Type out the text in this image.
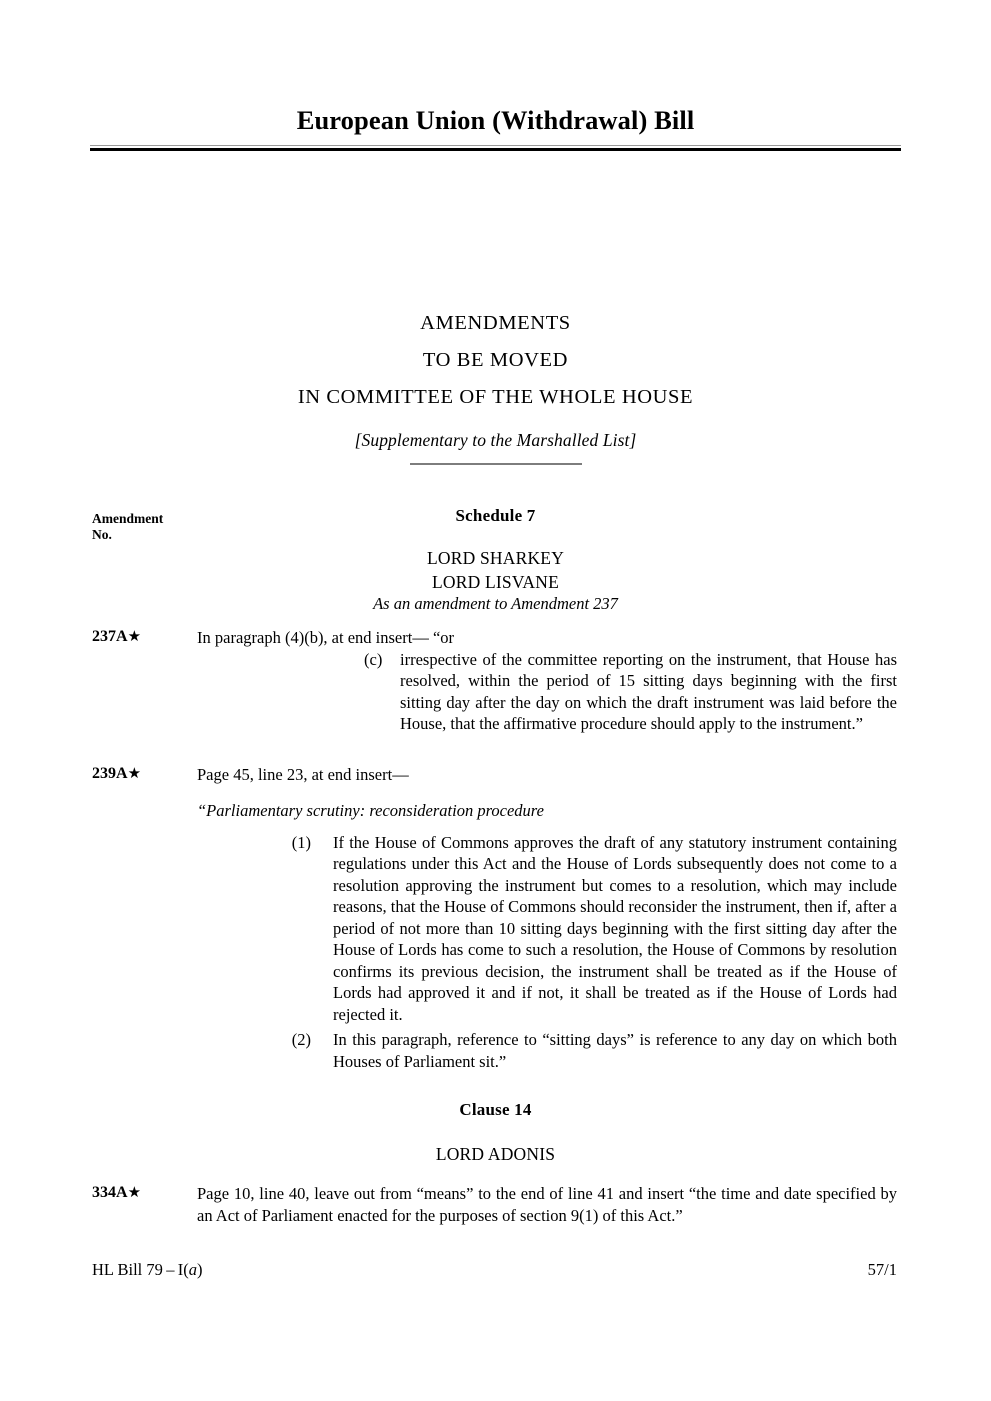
European Union (Withdrawal) Bill
AMENDMENTS
TO BE MOVED
IN COMMITTEE OF THE WHOLE HOUSE
[Supplementary to the Marshalled List]
Amendment
No.
Schedule 7
LORD SHARKEY
LORD LISVANE
As an amendment to Amendment 237
237A★	In paragraph (4)(b), at end insert— “or
(c)	irrespective of the committee reporting on the instrument, that House has resolved, within the period of 15 sitting days beginning with the first sitting day after the day on which the draft instrument was laid before the House, that the affirmative procedure should apply to the instrument.”
239A★	Page 45, line 23, at end insert—
“Parliamentary scrutiny: reconsideration procedure
(1) If the House of Commons approves the draft of any statutory instrument containing regulations under this Act and the House of Lords subsequently does not come to a resolution approving the instrument but comes to a resolution, which may include reasons, that the House of Commons should reconsider the instrument, then if, after a period of not more than 10 sitting days beginning with the first sitting day after the House of Lords has come to such a resolution, the House of Commons by resolution confirms its previous decision, the instrument shall be treated as if the House of Lords had approved it and if not, it shall be treated as if the House of Lords had rejected it.
(2) In this paragraph, reference to “sitting days” is reference to any day on which both Houses of Parliament sit.”
Clause 14
LORD ADONIS
334A★	Page 10, line 40, leave out from “means” to the end of line 41 and insert “the time and date specified by an Act of Parliament enacted for the purposes of section 9(1) of this Act.”
HL Bill 79 – I(a)	57/1
